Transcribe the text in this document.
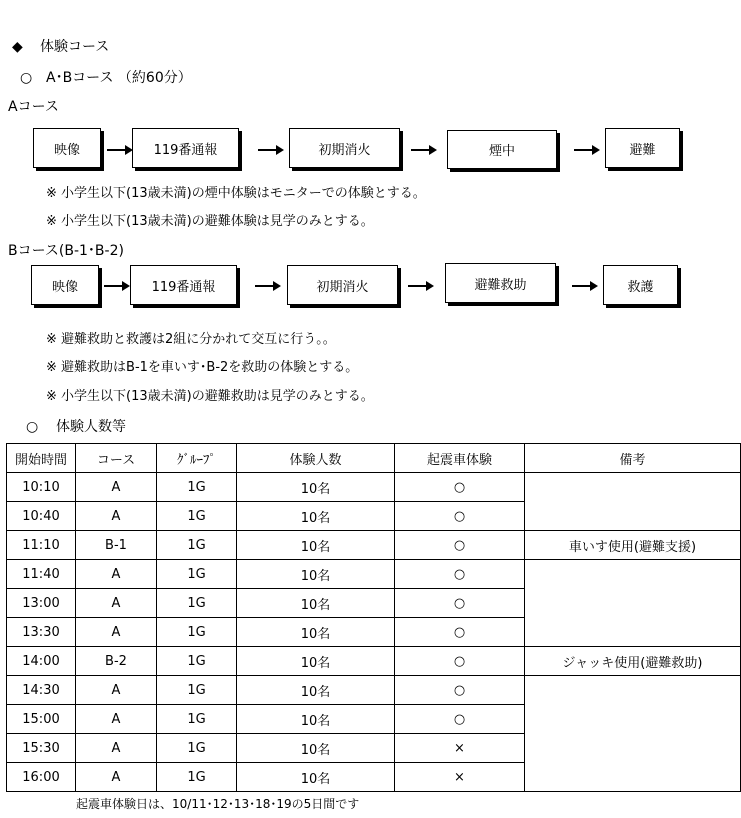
◆ 体験コース
○ A･Bコース （約60分）
Aコース
映像	119番通報	初期消火	煙中	避難
※ 小学生以下(13歳未満)の煙中体験はモニターでの体験とする。
※ 小学生以下(13歳未満)の避難体験は見学のみとする。
Bコース(B-1･B-2)
映像	119番通報	初期消火	避難救助	救護
※ 避難救助と救護は2組に分かれて交互に行う。。
※ 避難救助はB-1を車いす･B-2を救助の体験とする。
※ 小学生以下(13歳未満)の避難救助は見学のみとする。
○ 体験人数等
開始時間	コース	ｸﾞﾙｰﾌﾟ	体験人数	起震車体験	備考
10:10	A	1G	10名	○	
10:40	A	1G	10名	○	
11:10	B-1	1G	10名	○	車いす使用(避難支援)
11:40	A	1G	10名	○	
13:00	A	1G	10名	○	
13:30	A	1G	10名	○	
14:00	B-2	1G	10名	○	ジャッキ使用(避難救助)
14:30	A	1G	10名	○	
15:00	A	1G	10名	○	
15:30	A	1G	10名	×	
16:00	A	1G	10名	×	
起震車体験日は、10/11･12･13･18･19の5日間です
